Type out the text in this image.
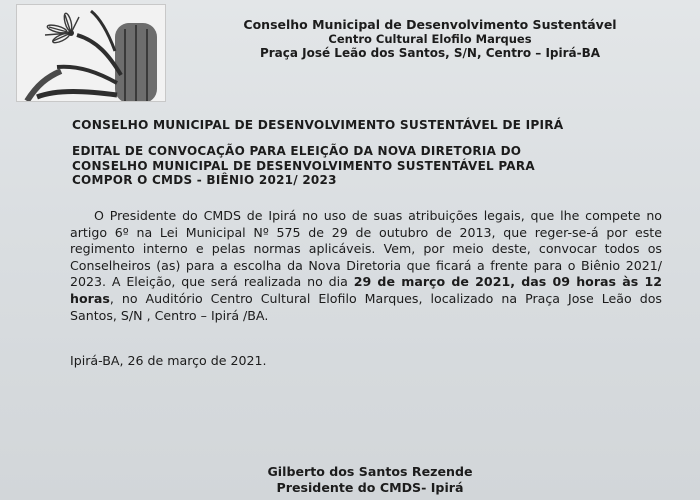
Conselho Municipal de Desenvolvimento Sustentável
Centro Cultural Elofilo Marques
Praça José Leão dos Santos, S/N, Centro – Ipirá-BA
CONSELHO MUNICIPAL DE DESENVOLVIMENTO SUSTENTÁVEL DE IPIRÁ
EDITAL DE CONVOCAÇÃO PARA ELEIÇÃO DA NOVA DIRETORIA DO
CONSELHO MUNICIPAL DE DESENVOLVIMENTO SUSTENTÁVEL PARA
COMPOR O CMDS - BIÊNIO 2021/ 2023
O Presidente do CMDS de Ipirá no uso de suas atribuições legais, que lhe compete no artigo 6º na Lei Municipal Nº 575 de 29 de outubro de 2013, que reger-se-á por este regimento interno e pelas normas aplicáveis. Vem, por meio deste, convocar todos os Conselheiros (as) para a escolha da Nova Diretoria que ficará a frente para o Biênio 2021/ 2023. A Eleição, que será realizada no dia 29 de março de 2021, das 09 horas às 12 horas, no Auditório Centro Cultural Elofilo Marques, localizado na Praça Jose Leão dos Santos, S/N , Centro – Ipirá /BA.
Ipirá-BA, 26 de março de 2021.
Gilberto dos Santos Rezende
Presidente do CMDS- Ipirá
